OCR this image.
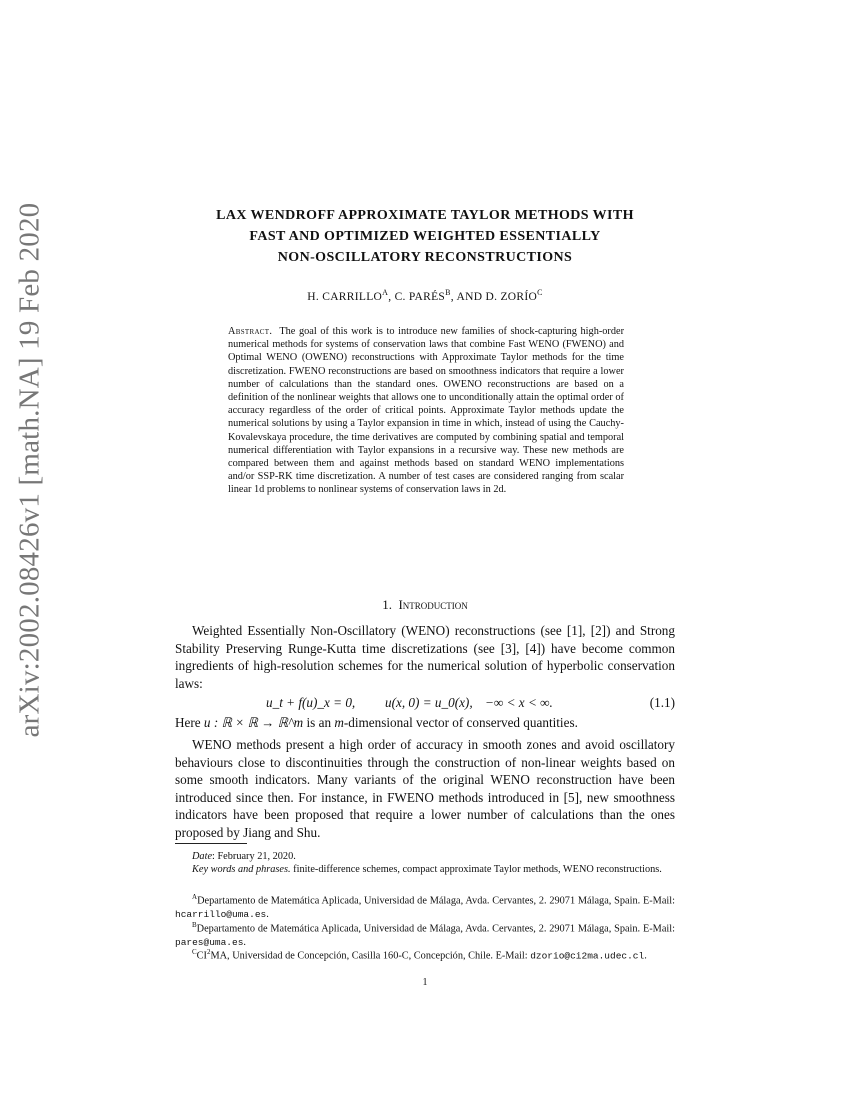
arXiv:2002.08426v1 [math.NA] 19 Feb 2020	LAX WENDROFF APPROXIMATE TAYLOR METHODS WITH
FAST AND OPTIMIZED WEIGHTED ESSENTIALLY
NON-OSCILLATORY RECONSTRUCTIONS
H. $CARRILLO^A$, C. $PARÉS^B$, AND D. $ZORÍO^C$
Abstract. The goal of this work is to introduce new families of shock-capturing high-order numerical methods for systems of conservation laws that combine Fast WENO (FWENO) and Optimal WENO (OWENO) reconstructions with Approximate Taylor methods for the time discretization. FWENO reconstructions are based on smoothness indicators that require a lower number of calculations than the standard ones. OWENO reconstructions are based on a definition of the nonlinear weights that allows one to unconditionally attain the optimal order of accuracy regardless of the order of critical points. Approximate Taylor methods update the numerical solutions by using a Taylor expansion in time in which, instead of using the Cauchy-Kovalevskaya procedure, the time derivatives are computed by combining spatial and temporal numerical differentiation with Taylor expansions in a recursive way. These new methods are compared between them and against methods based on standard WENO implementations and/or SSP-RK time discretization. A number of test cases are considered ranging from scalar linear 1d problems to nonlinear systems of conservation laws in 2d.
1. Introduction
Weighted Essentially Non-Oscillatory (WENO) reconstructions (see [1], [2]) and Strong Stability Preserving Runge-Kutta time discretizations (see [3], [4]) have become common ingredients of high-resolution schemes for the numerical solution of hyperbolic conservation laws:
u_t + f(u)_x = 0, u(x, 0) = u_0(x), −∞ < x < ∞.	(1.1)
Here u : ℝ × ℝ → ℝ^m is an m-dimensional vector of conserved quantities.
WENO methods present a high order of accuracy in smooth zones and avoid oscillatory behaviours close to discontinuities through the construction of non-linear weights based on some smooth indicators. Many variants of the original WENO reconstruction have been introduced since then. For instance, in FWENO methods introduced in [5], new smoothness indicators have been proposed that require a lower number of calculations than the ones proposed by Jiang and Shu.
Date: February 21, 2020.
Key words and phrases. finite-difference schemes, compact approximate Taylor methods, WENO reconstructions.
$^A$Departamento de Matemática Aplicada, Universidad de Málaga, Avda. Cervantes, 2. 29071 Málaga, Spain. E-Mail: hcarrillo@uma.es.
$^B$Departamento de Matemática Aplicada, Universidad de Málaga, Avda. Cervantes, 2. 29071 Málaga, Spain. E-Mail: pares@uma.es.
$^CCI^2MA$, Universidad de Concepción, Casilla 160-C, Concepción, Chile. E-Mail: dzorio@ci2ma.udec.cl.
1
